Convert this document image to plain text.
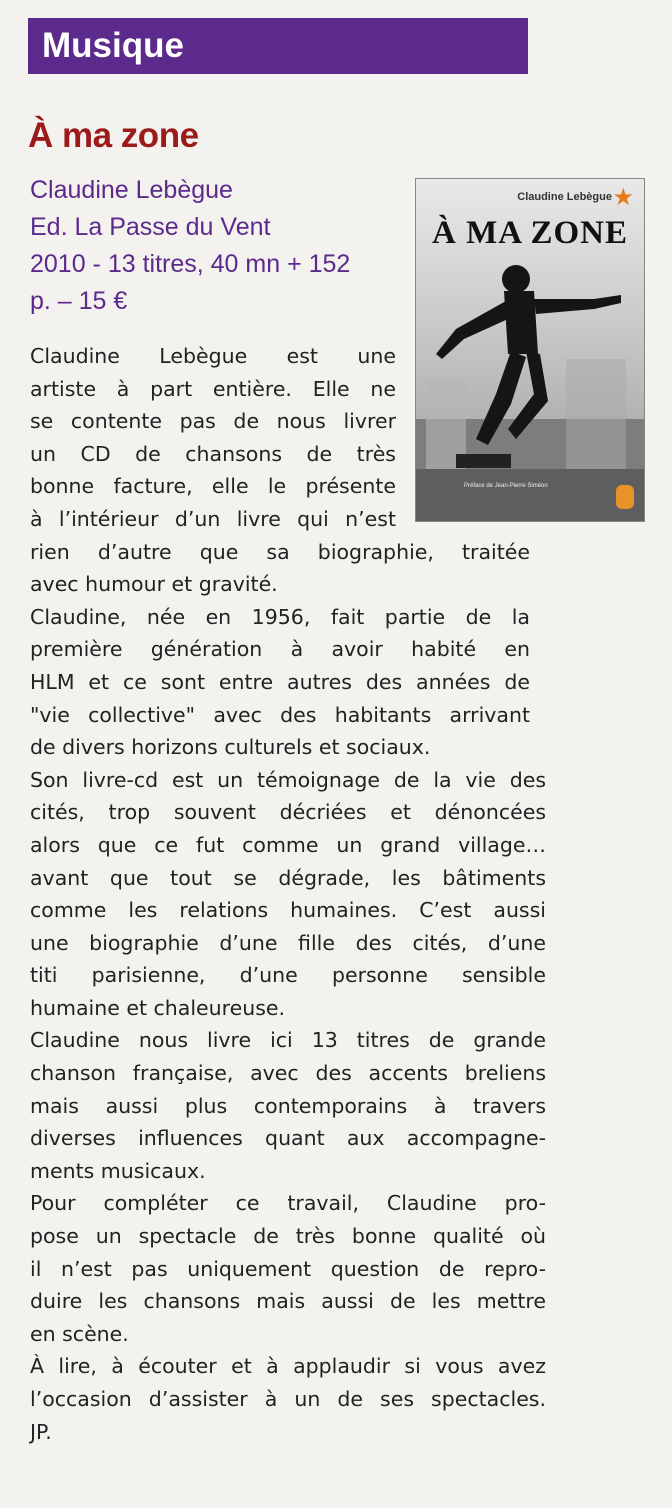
Musique
À ma zone
Claudine Lebègue
Ed. La Passe du Vent
2010 - 13 titres, 40 mn + 152
p. – 15 €
Claudine Lebègue ★
À MA ZONE
Préface de Jean-Pierre Siméon
Claudine Lebègue est une
artiste à part entière. Elle ne
se contente pas de nous livrer
un CD de chansons de très
bonne facture, elle le présente
à l’intérieur d’un livre qui n’est
rien d’autre que sa biographie, traitée
avec humour et gravité.
Claudine, née en 1956, fait partie de la
première génération à avoir habité en
HLM et ce sont entre autres des années de
"vie collective" avec des habitants arrivant
de divers horizons culturels et sociaux.
Son livre-cd est un témoignage de la vie des
cités, trop souvent décriées et dénoncées
alors que ce fut comme un grand village…
avant que tout se dégrade, les bâtiments
comme les relations humaines. C’est aussi
une biographie d’une fille des cités, d’une
titi parisienne, d’une personne sensible
humaine et chaleureuse.
Claudine nous livre ici 13 titres de grande
chanson française, avec des accents breliens
mais aussi plus contemporains à travers
diverses influences quant aux accompagne-
ments musicaux.
Pour compléter ce travail, Claudine pro-
pose un spectacle de très bonne qualité où
il n’est pas uniquement question de repro-
duire les chansons mais aussi de les mettre
en scène.
À lire, à écouter et à applaudir si vous avez
l’occasion d’assister à un de ses spectacles.
JP.
